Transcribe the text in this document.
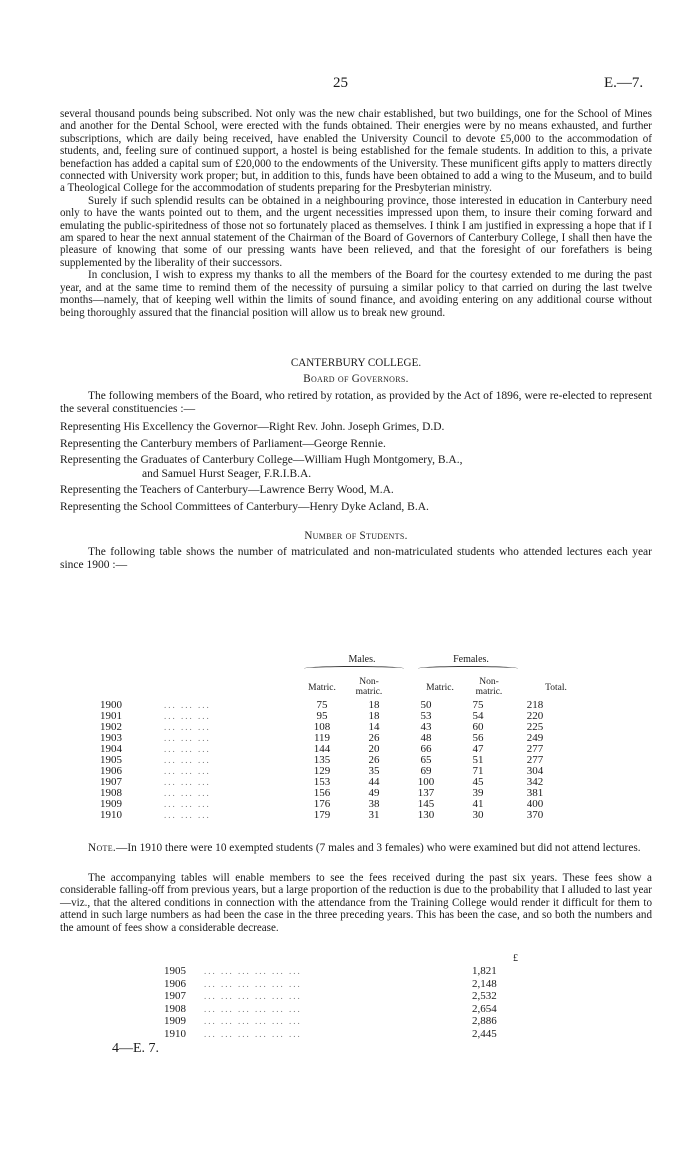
25	E.—7.

several thousand pounds being subscribed. Not only was the new chair established, but two buildings, one for the School of Mines and another for the Dental School, were erected with the funds obtained. Their energies were by no means exhausted, and further subscriptions, which are daily being received, have enabled the University Council to devote £5,000 to the accommodation of students, and, feeling sure of continued support, a hostel is being established for the female students. In addition to this, a private benefaction has added a capital sum of £20,000 to the endowments of the University. These munificent gifts apply to matters directly connected with University work proper; but, in addition to this, funds have been obtained to add a wing to the Museum, and to build a Theological College for the accommodation of students preparing for the Presbyterian ministry.

Surely if such splendid results can be obtained in a neighbouring province, those interested in education in Canterbury need only to have the wants pointed out to them, and the urgent necessities impressed upon them, to insure their coming forward and emulating the public-spiritedness of those not so fortunately placed as themselves. I think I am justified in expressing a hope that if I am spared to hear the next annual statement of the Chairman of the Board of Governors of Canterbury College, I shall then have the pleasure of knowing that some of our pressing wants have been relieved, and that the foresight of our forefathers is being supplemented by the liberality of their successors.

In conclusion, I wish to express my thanks to all the members of the Board for the courtesy extended to me during the past year, and at the same time to remind them of the necessity of pursuing a similar policy to that carried on during the last twelve months—namely, that of keeping well within the limits of sound finance, and avoiding entering on any additional course without being thoroughly assured that the financial position will allow us to break new ground.

CANTERBURY COLLEGE.

Board of Governors.

The following members of the Board, who retired by rotation, as provided by the Act of 1896, were re-elected to represent the several constituencies :—

Representing His Excellency the Governor—Right Rev. John. Joseph Grimes, D.D.

Representing the Canterbury members of Parliament—George Rennie.

Representing the Graduates of Canterbury College—William Hugh Montgomery, B.A.,

and Samuel Hurst Seager, F.R.I.B.A.

Representing the Teachers of Canterbury—Lawrence Berry Wood, M.A.

Representing the School Committees of Canterbury—Henry Dyke Acland, B.A.

Number of Students.

The following table shows the number of matriculated and non-matriculated students who attended lectures each year since 1900 :—

Males.	Females.
Matric.
Non-matric.	Matric.
Non-matric.	Total.
1900	... ... ...	75	18	50	75	218
1901	... ... ...	95	18	53	54	220
1902	... ... ...	108	14	43	60	225
1903	... ... ...	119	26	48	56	249
1904	... ... ...	144	20	66	47	277
1905	... ... ...	135	26	65	51	277
1906	... ... ...	129	35	69	71	304
1907	... ... ...	153	44	100	45	342
1908	... ... ...	156	49	137	39	381
1909	... ... ...	176	38	145	41	400
1910	... ... ...	179	31	130	30	370
Note.—In 1910 there were 10 exempted students (7 males and 3 females) who were examined but did not attend lectures.
The accompanying tables will enable members to see the fees received during the past six years. These fees show a considerable falling-off from previous years, but a large proportion of the reduction is due to the probability that I alluded to last year—viz., that the altered conditions in connection with the attendance from the Training College would render it difficult for them to attend in such large numbers as had been the case in the three preceding years. This has been the case, and so both the numbers and the amount of fees show a considerable decrease.
£
1905	... ... ... ... ... ...	1,821
1906	... ... ... ... ... ...	2,148
1907	... ... ... ... ... ...	2,532
1908	... ... ... ... ... ...	2,654
1909	... ... ... ... ... ...	2,886
1910	... ... ... ... ... ...	2,445
4—E. 7.
